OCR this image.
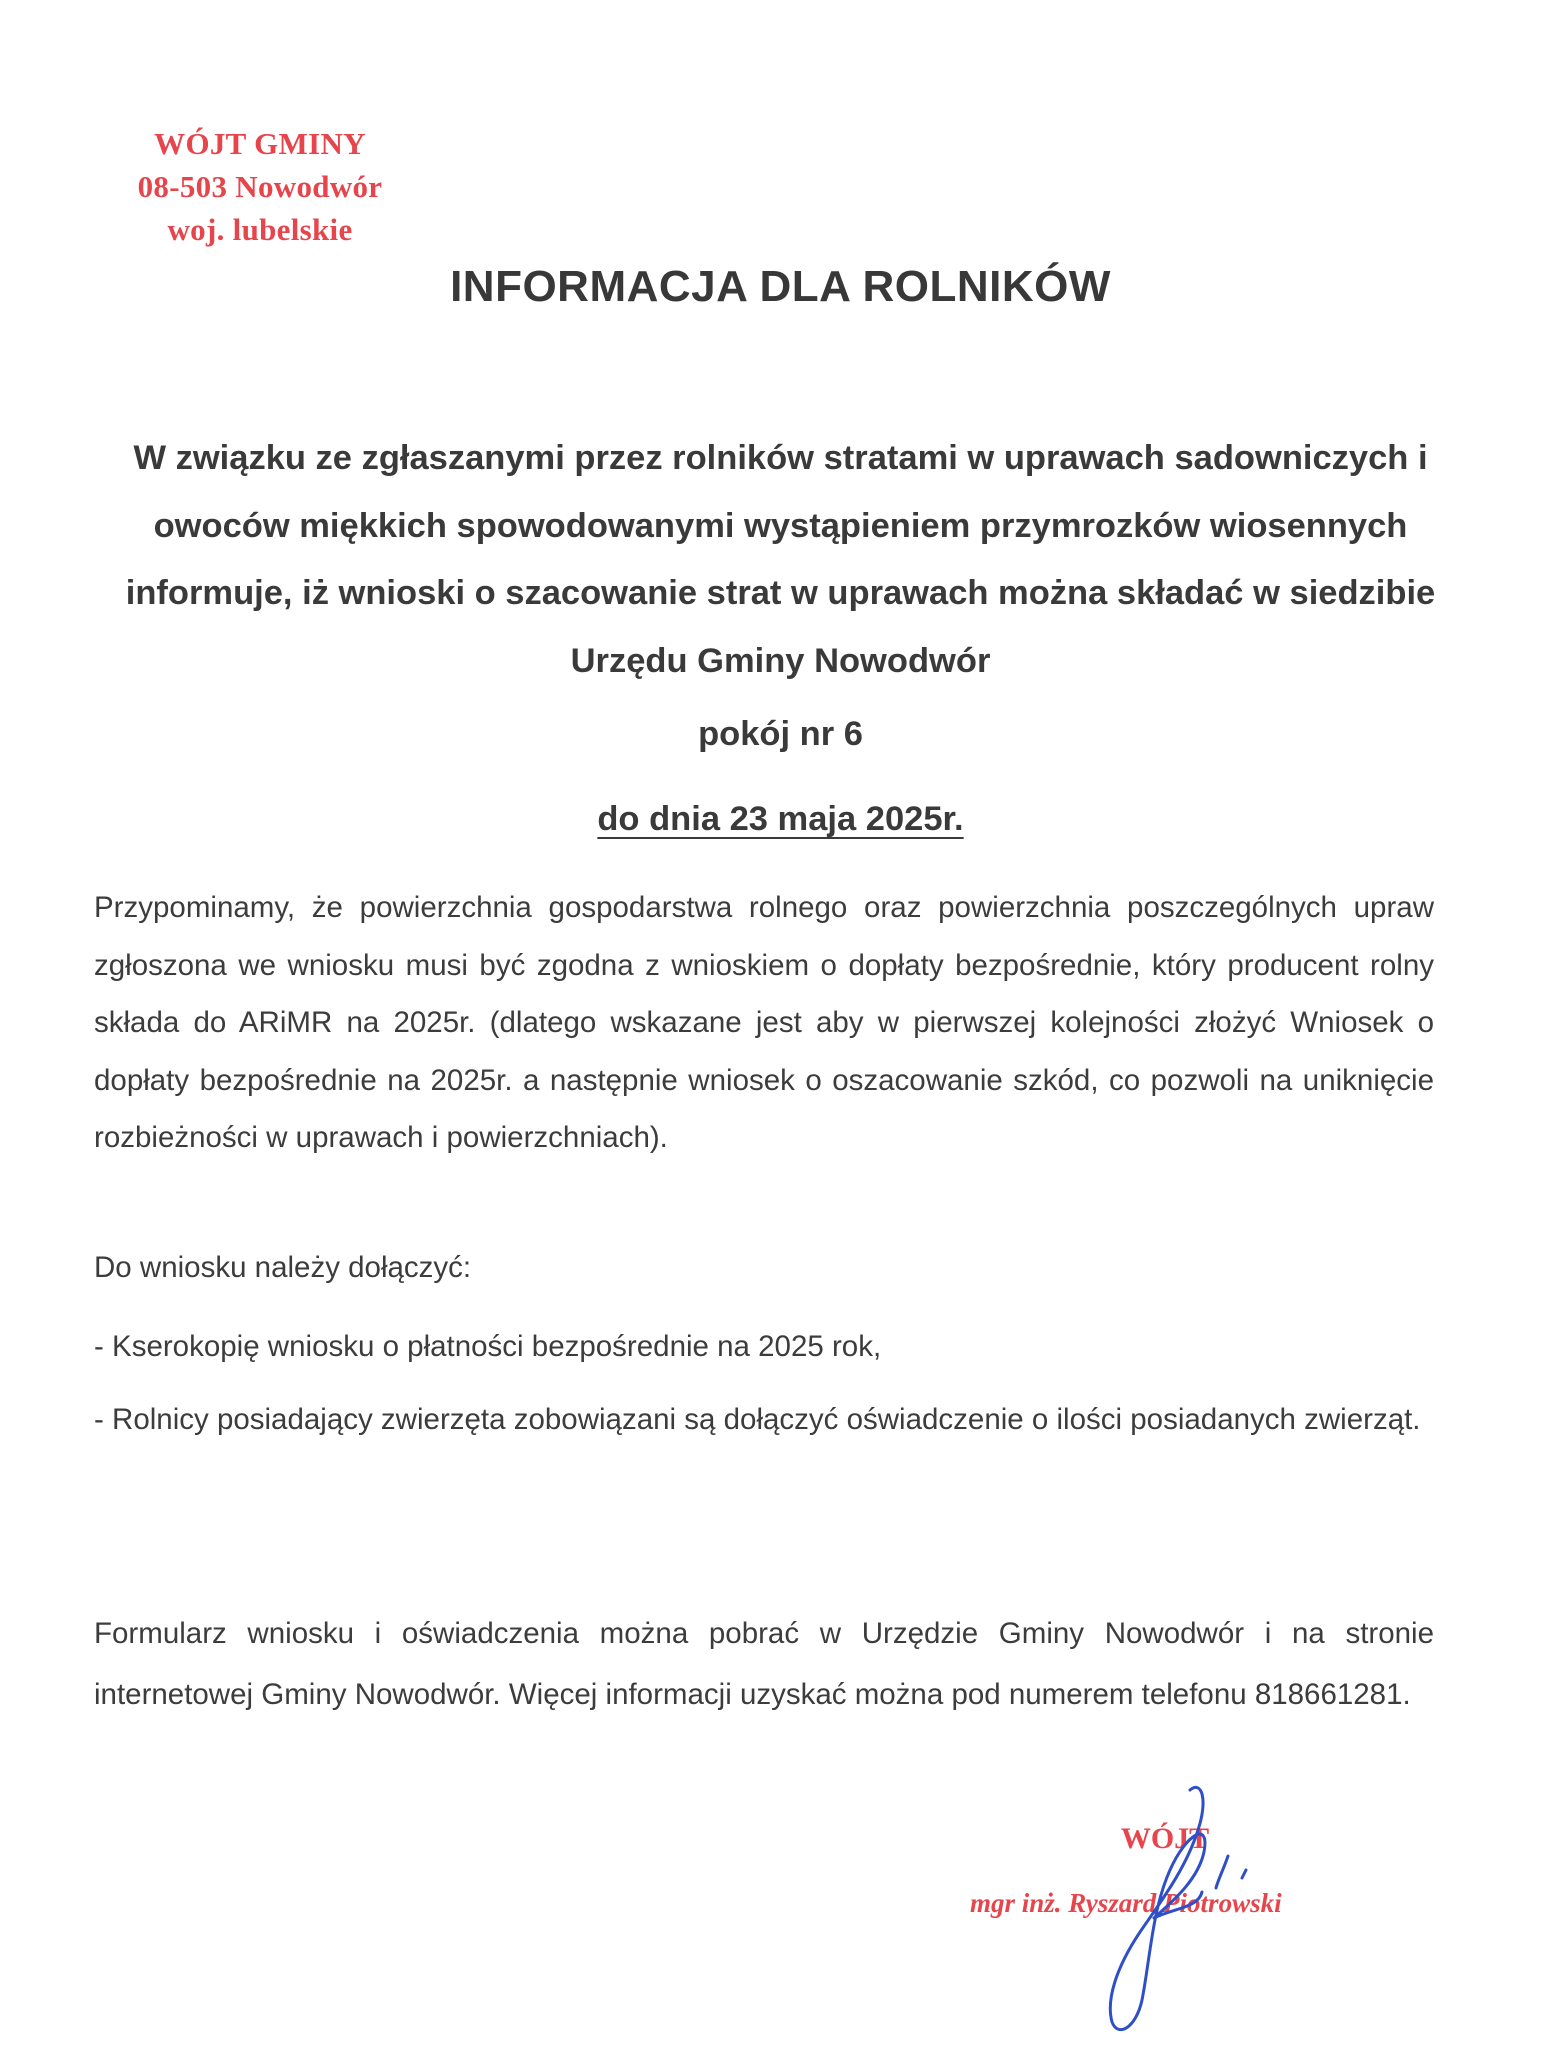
WÓJT GMINY
08-503 Nowodwór
woj. lubelskie
INFORMACJA DLA ROLNIKÓW

W związku ze zgłaszanymi przez rolników stratami w uprawach sadowniczych i owoców miękkich spowodowanymi wystąpieniem przymrozków wiosennych informuje, iż wnioski o szacowanie strat w uprawach można składać w siedzibie Urzędu Gminy Nowodwór

pokój nr 6
do dnia 23 maja 2025r.

Przypominamy, że powierzchnia gospodarstwa rolnego oraz powierzchnia poszczególnych upraw zgłoszona we wniosku musi być zgodna z wnioskiem o dopłaty bezpośrednie, który producent rolny składa do ARiMR na 2025r. (dlatego wskazane jest aby w pierwszej kolejności złożyć Wniosek o dopłaty bezpośrednie na 2025r. a następnie wniosek o oszacowanie szkód, co pozwoli na uniknięcie rozbieżności w uprawach i powierzchniach).

Do wniosku należy dołączyć:

- Kserokopię wniosku o płatności bezpośrednie na 2025 rok,
- Rolnicy posiadający zwierzęta zobowiązani są dołączyć oświadczenie o ilości posiadanych zwierząt.

Formularz wniosku i oświadczenia można pobrać w Urzędzie Gminy Nowodwór i na stronie internetowej Gminy Nowodwór. Więcej informacji uzyskać można pod numerem telefonu 818661281.

WÓJT
mgr inż. Ryszard Piotrowski
